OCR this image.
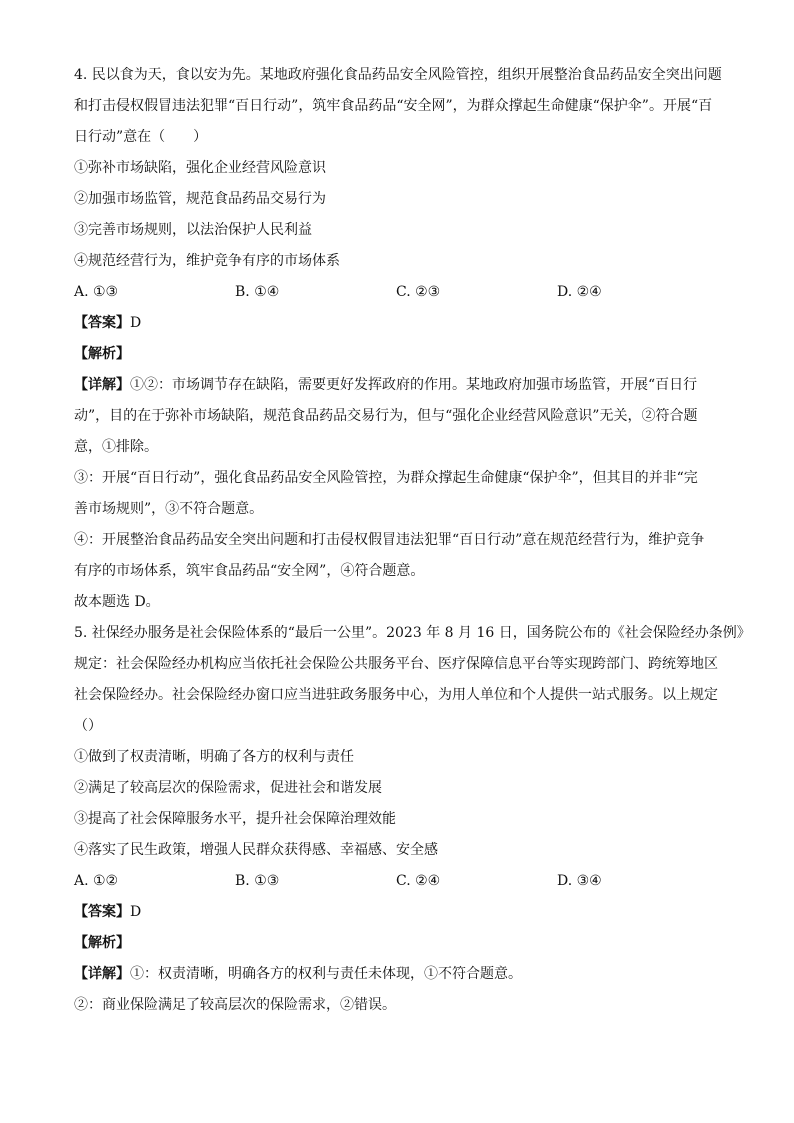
4. 民以食为天，食以安为先。某地政府强化食品药品安全风险管控，组织开展整治食品药品安全突出问题
和打击侵权假冒违法犯罪“百日行动”，筑牢食品药品“安全网”，为群众撑起生命健康“保护伞”。开展“百
日行动”意在（　　）
①弥补市场缺陷，强化企业经营风险意识
②加强市场监管，规范食品药品交易行为
③完善市场规则，以法治保护人民利益
④规范经营行为，维护竞争有序的市场体系
A. ①③	B. ①④	C. ②③	D. ②④
【答案】D
【解析】
【详解】①②：市场调节存在缺陷，需要更好发挥政府的作用。某地政府加强市场监管，开展“百日行
动”，目的在于弥补市场缺陷，规范食品药品交易行为，但与“强化企业经营风险意识”无关，②符合题
意，①排除。
③：开展“百日行动”，强化食品药品安全风险管控，为群众撑起生命健康“保护伞”，但其目的并非“完
善市场规则”，③不符合题意。
④：开展整治食品药品安全突出问题和打击侵权假冒违法犯罪“百日行动”意在规范经营行为，维护竞争
有序的市场体系，筑牢食品药品“安全网”，④符合题意。
故本题选 D。
5. 社保经办服务是社会保险体系的“最后一公里”。2023 年 8 月 16 日，国务院公布的《社会保险经办条例》
规定：社会保险经办机构应当依托社会保险公共服务平台、医疗保障信息平台等实现跨部门、跨统筹地区
社会保险经办。社会保险经办窗口应当进驻政务服务中心，为用人单位和个人提供一站式服务。以上规定
（）
①做到了权责清晰，明确了各方的权利与责任
②满足了较高层次的保险需求，促进社会和谐发展
③提高了社会保障服务水平，提升社会保障治理效能
④落实了民生政策，增强人民群众获得感、幸福感、安全感
A. ①②	B. ①③	C. ②④	D. ③④
【答案】D
【解析】
【详解】①：权责清晰，明确各方的权利与责任未体现，①不符合题意。
②：商业保险满足了较高层次的保险需求，②错误。
